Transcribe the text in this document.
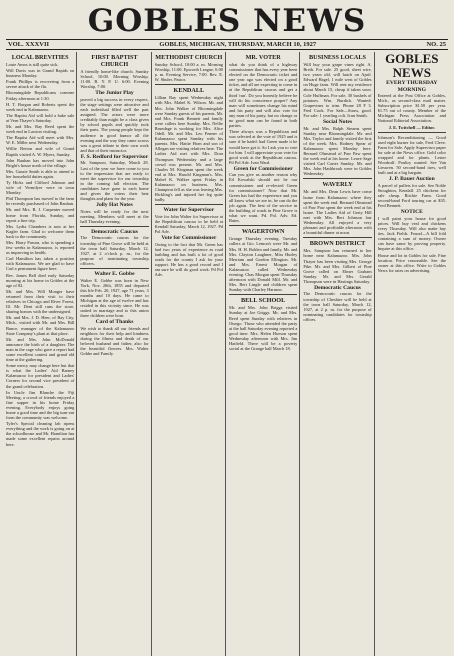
GOBLES NEWS
VOL. XXXVII	GOBLES, MICHIGAN, THURSDAY, MARCH 10, 1927	NO. 25
LOCAL BREVITIES

Louie Amos is still quite sick.

Will Davis was in Grand Rapids on business Monday.

Frank Phillips is recovering from a severe attack of the flu.

Bloomingdale Republicans convene Friday afternoon at 1:30.

H. T. Borgan and Roberts spent the week end in Kalamazoo.

The Baptist Aid will hold a bake sale at Vern Thayer's Saturday.

Mr. and Mrs. Ray Reed spent the week end in Lawton visiting.

The Baptist Aid will meet with Mrs. W. E. Miller next Wednesday.

Willie Berton and wife of Grand Rapids visited A. W. Myers, Sunday.

John Bauhan has moved into John Bright's house north of the village.

Mrs. Gussie Smith is able to attend to her household duties again.

Ty Hicks and Clifford Johnson and wife of Vermilyer were in town Monday.

Phil Thompson has moved to the farm he recently purchased of John Bauhan.

Mr. and Mrs. B. J. Carpenter moved home from Florida, Sunday, and report a fine trip.

Mrs. Lydia Chambers is now at her Kagler farm. Glad to welcome them back to the community.

Mrs. Harry Parson, who is spending a few weeks in Kalamazoo, is reported as improving in health.

Carl Hamilton has taken a position with Kalamazoo. We are glad to have Carl a permanent figure here.

Rev. James Bell died early Saturday morning at his home in Gobles at the age of 82.

Mr. and Mrs. Will Monger have returned from their visit to their relatives in Chicago and River Forest, Ill. Mr. Dent still runs the store, sharing honors with the undersigned.

Mr. and Mrs. J. D. Heer, of Bay City, Mich., visited with Mr. and Mrs. Bill Bunce, manager of the Kalamazoo State Company's plant at that place.

Mr. and Mrs. John McDonald announce the birth of a daughter. The man in the cage who gave a report had some excellent contest and grand old time at the gathering.

Some mercy may change here but that is what the Ladies' Aid Barney Kalamazoo for president and Ladies' Corners for second vice president of the grand celebration.

In Uncle Jim Blanche the Fiji Meeting, a crowd of friends enjoyed a fine supper in his home Friday evening. Everybody enjoys going home a good time and the big turn-out from the community was welcome.

Tyler's Special cleaning lab ripens everything and the work is going on at the schoolhouse and Mr. Hamilton has made some excellent repairs around here.

FIRST BAPTIST CHURCH

A friendly home-like church. Sunday School, 10:00. Morning Worship, 11:00. B. Y. P. U. 6:00. Evening Worship, 7:00.

The Junior Play

proved a big success in every respect, the stage settings were attractive and each individual filled well the part assigned. The actors were more creditably than might be a class given by school pupils and quickly took their parts. The young people kept the audience in good humor all the evening and the way they came across was a great tribute to their own work and that of their instructor.

F. S. Redford for Supervisor

Mr. Sampson, Saturday, March 28. Last of the year we have come to you to the impression that are ready to meet the supervisor for our township in the coming fall election. The candidates have gone to each home and given the voters their best thoughts and plans for the year.

Jolly Hat Notes

Notes will be ready for the next meeting. Members will meet at the hall Thursday evening.

Democratic Caucus

The Democratic caucus for the township of Pine Grove will be held at the town hall Saturday, March 12, 1927, at 2 o'clock p. m., for the purpose of nominating township officers.

Walter E. Gobbe

Walter E. Gobbe was born in New York, Nov. 20th, 1855 and departed this life Feb. 20, 1927, age 71 years, 3 months and 10 days. He came to Michigan at the age of twelve and has resided in this vicinity since. He was united in marriage and to this union three children were born.

Card of Thanks

We wish to thank all our friends and neighbors for their help and kindness during the illness and death of our beloved husband and father, also for the beautiful flowers. Mrs. Walter Gobbe and Family.

METHODIST CHURCH

Sunday School, 10:00 a. m. Morning Worship, 11:00. Epworth League, 6:00 p. m. Evening Service, 7:00. Rev. E. W. Shuler, Pastor.

KENDALL

Lillian Bay spent Wednesday night with Mrs. Mabel K. Wilson. Mr. and Mrs. John Walker of Bloomingdale were Sunday guests of his parents. Mr. and Mrs. Frank Bennett and family were callers here Sunday. Mrs. Nellie Brundage is working for Mrs. Alice Odell. Mr. and Mrs. Leo Fenner of Kalamazoo spent Sunday with his parents. Mrs. Hattie Horn and son of Allegan are visiting relatives here. The Ladies Aid met with Mrs. Dora Thompson Wednesday and a large crowd was present. Mr. and Mrs. Charles M. Kingman spent the week end at Mrs. Harold Kingman's. Mrs. Mabel K. Walker spent Friday in Kalamazoo on business. Mrs. Champion fell as she was leaving Mrs. Hickling's and injured her leg quite badly.

Water for Supervisor

Vote for John Walter for Supervisor at the Republican caucus to be held at Kendall Saturday, March 12, 1927. Pd Pol Adv.

Vote for Commissioner

Owing to the fact that Mr. Green has had two years of experience as road building and has built a lot of good roads for the county I ask for your support. He has a good record and I am sure he will do good work. Pd Pol Adv.

MR. VOTER

what do you think of a highway commissioner that has every year been elected on the Democratic ticket and one year ago was elected on a good ticket, and all are expecting to come in at the Republican caucus and get a third 'run'. Do you honestly believe he will do his conscience proper? Any man will sometimes change his mind and his party and will also vote for any man of his party, but no change or no good man can be found in both parties.

There always was a Republican and was selected at the vote of 1925 and is sure if he hadn't had Green made it he would have got it. So I ask you to vote for him. I will appreciate your vote for good work at the Republican caucus. Pd Pol Adv. Ivan Ward.

Green for Commissioner

Can you give us another reason why Ed Kowalski should not be our commissioner and re-elected Green for commissioner? Now that Mr. Green has had the experience and you all know what we are in, he can do the job again. The best of the service in the building of roads in Pine Grove is what we want. Pd. Pol. Adv. Ed. Bates.

WAGERTOWN

Grange Thursday evening. Tuesday callers at Gio. Lemon's were Mr. and Mrs. H. H. Bohlen and family, Mr. and Mrs. Clayton Laughner, Miss Hurley Merriam and Gordon Ellington. Mr. and Mrs. Ernest Morgan of Kalamazoo called Wednesday evening. Chas Morgan spent Thursday afternoon with Donald Mill. Mr. and Mrs. Bert Lingle and children spent Sunday with Charley Harmon.

BELL SCHOOL

Mr. and Mrs. John Briggs visited Sunday at Joe Griggs. Mr. and Mrs. Reed spent Sunday with relatives in Otsego. Those who attended the party at the hall Saturday evening reported a good time. Mrs. Helen Hoeson spent Wednesday afternoon with Mrs. Jim Hatfield. There will be a poverty social at the Grange hall March 18.

BUSINESS LOCALS

Will buy your grape vines right. A. Breth. For sale. 25 good, sheet wire, two years old, will hatch on April. Edward Hagel, 1 mile west of Gobles on Huge farm. Will rent my residence about March 15, cheap if taken soon. Cole Huffman. For sale, 30 bushels of potatoes. Wm. Burdick. Wanted: Grapevines to trim. Phone 28 F 3. Fred Cook. For Sale—Straw, good. For sale: 1 yearling colt. Ivan Smith.

Social Notes

Mr. and Mrs. Ralph Stearns spent Sunday near Bloomingdale. Mr. and Mrs. Taylor and family visited the first of the week. Mrs. Rodney Spear of Kalamazoo spent Monday here. Bernard Olmstead of Paw Paw spent the week end at his home. Leave Sage visited Carl Carter Sunday. Mr. and Mrs. John Hashbrook were in Gobles Wednesday.

WAVERLY

Mr. and Mrs. Dean Lewis have come home from Kalamazoo where they spent the week end. Bernard Olmstead of Paw Paw spent the week end at his home. The Ladies Aid of Gerty Hill met with Mrs. Bert Johnson last Wednesday. All enjoyed a very pleasant and profitable afternoon with a bountiful dinner at noon.

BROWN DISTRICT

Mrs. Sampson has returned to her home near Kalamazoo. Mrs. John Thayer has been visiting Mrs. George Pike. Mr. and Mrs. Gilbert of Pine Grove called on Elmer Graham Sunday. Mr. and Mrs. Gerald Thompson were in Hastings Saturday.

Democratic Caucus

The Democratic caucus for the township of Cheshire will be held at the town hall Saturday, March 12, 1927, at 2 p. m. for the purpose of nominating candidates for township offices.

GOBLES NEWS
EVERY THURSDAY MORNING

Entered at the Post Office at Gobles, Mich., as second-class mail matter. Subscription price $1.50 per year. $1.75 out of county. Member of the Michigan Press Association and National Editorial Association.

J. E. Twitchell — Editor.

Johnson's Reconditioning — Good used eight burner for sale, Fred Cleve. Farm for Sale. Apply Supervisor paper for sale at the News office. Gold color wrapped and for plants. Lester Woodruff. Poultry wanted. See Van Lieuwen. 50 second-hand tires, well built and at a big bargain.

J. P. Bauer Auction

A parcel of pullets for sale. See Noble Stoughton, Kendall. 25 chickens for sale cheap. Ritchie Farm. Good second-hand Ford touring car at $35. Fred Bennett.

NOTICE

I will paint your house for good prices. Will buy veal and chickens every Thursday. Will also make hay ties. Jack Fields. Found—A bill fold containing a sum of money. Owner can have same by proving property. Inquire at this office.

House and lot in Gobles for sale. Fine location. Price reasonable. See the owner at this office. Write to Gobles News for rates on advertising.
